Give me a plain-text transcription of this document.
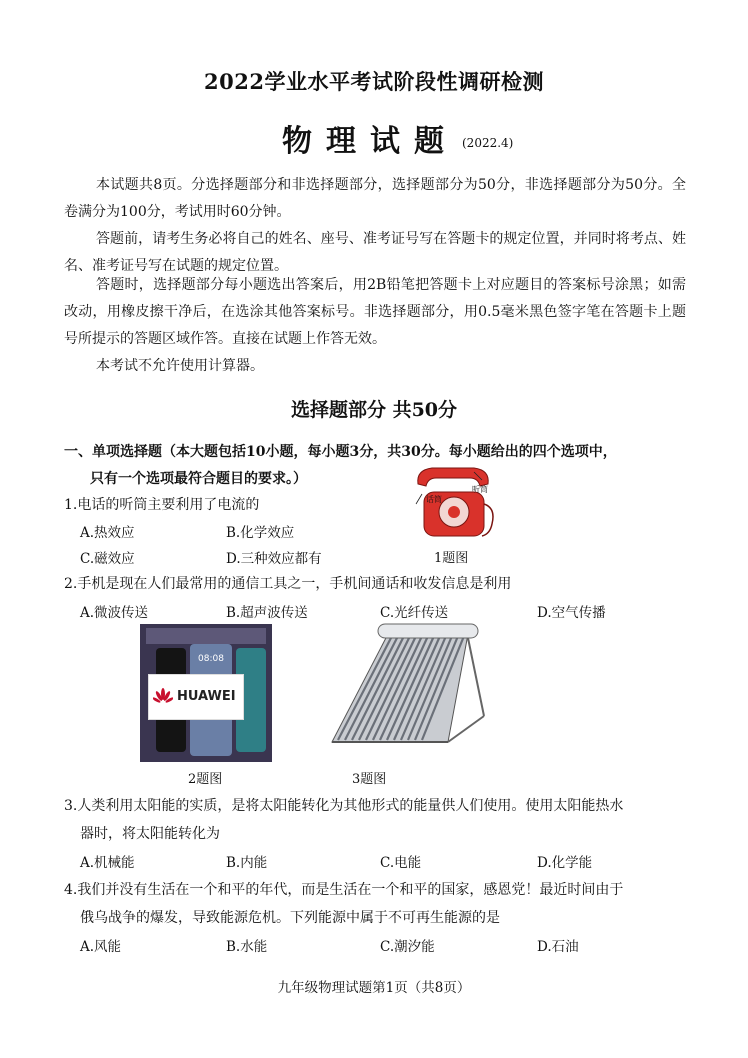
2022学业水平考试阶段性调研检测
物理试题 (2022.4)
本试题共8页。分选择题部分和非选择题部分，选择题部分为50分，非选择题部分为50分。全卷满分为100分，考试用时60分钟。
答题前，请考生务必将自己的姓名、座号、准考证号写在答题卡的规定位置，并同时将考点、姓名、准考证号写在试题的规定位置。
答题时，选择题部分每小题选出答案后，用2B铅笔把答题卡上对应题目的答案标号涂黑；如需改动，用橡皮擦干净后，在选涂其他答案标号。非选择题部分，用0.5毫米黑色签字笔在答题卡上题号所提示的答题区域作答。直接在试题上作答无效。
本考试不允许使用计算器。
选择题部分 共50分
一、单项选择题（本大题包括10小题，每小题3分，共30分。每小题给出的四个选项中，
只有一个选项最符合题目的要求。）
1.电话的听筒主要利用了电流的
A.热效应	B.化学效应
C.磁效应	D.三种效应都有
听筒
话筒
1题图
2.手机是现在人们最常用的通信工具之一，手机间通话和收发信息是利用
A.微波传送	B.超声波传送	C.光纤传送	D.空气传播
08:08
HUAWEI
2题图	3题图
3.人类利用太阳能的实质，是将太阳能转化为其他形式的能量供人们使用。使用太阳能热水
器时，将太阳能转化为
A.机械能	B.内能	C.电能	D.化学能
4.我们并没有生活在一个和平的年代，而是生活在一个和平的国家，感恩党！最近时间由于
俄乌战争的爆发，导致能源危机。下列能源中属于不可再生能源的是
A.风能	B.水能	C.潮汐能	D.石油
九年级物理试题第1页（共8页）
